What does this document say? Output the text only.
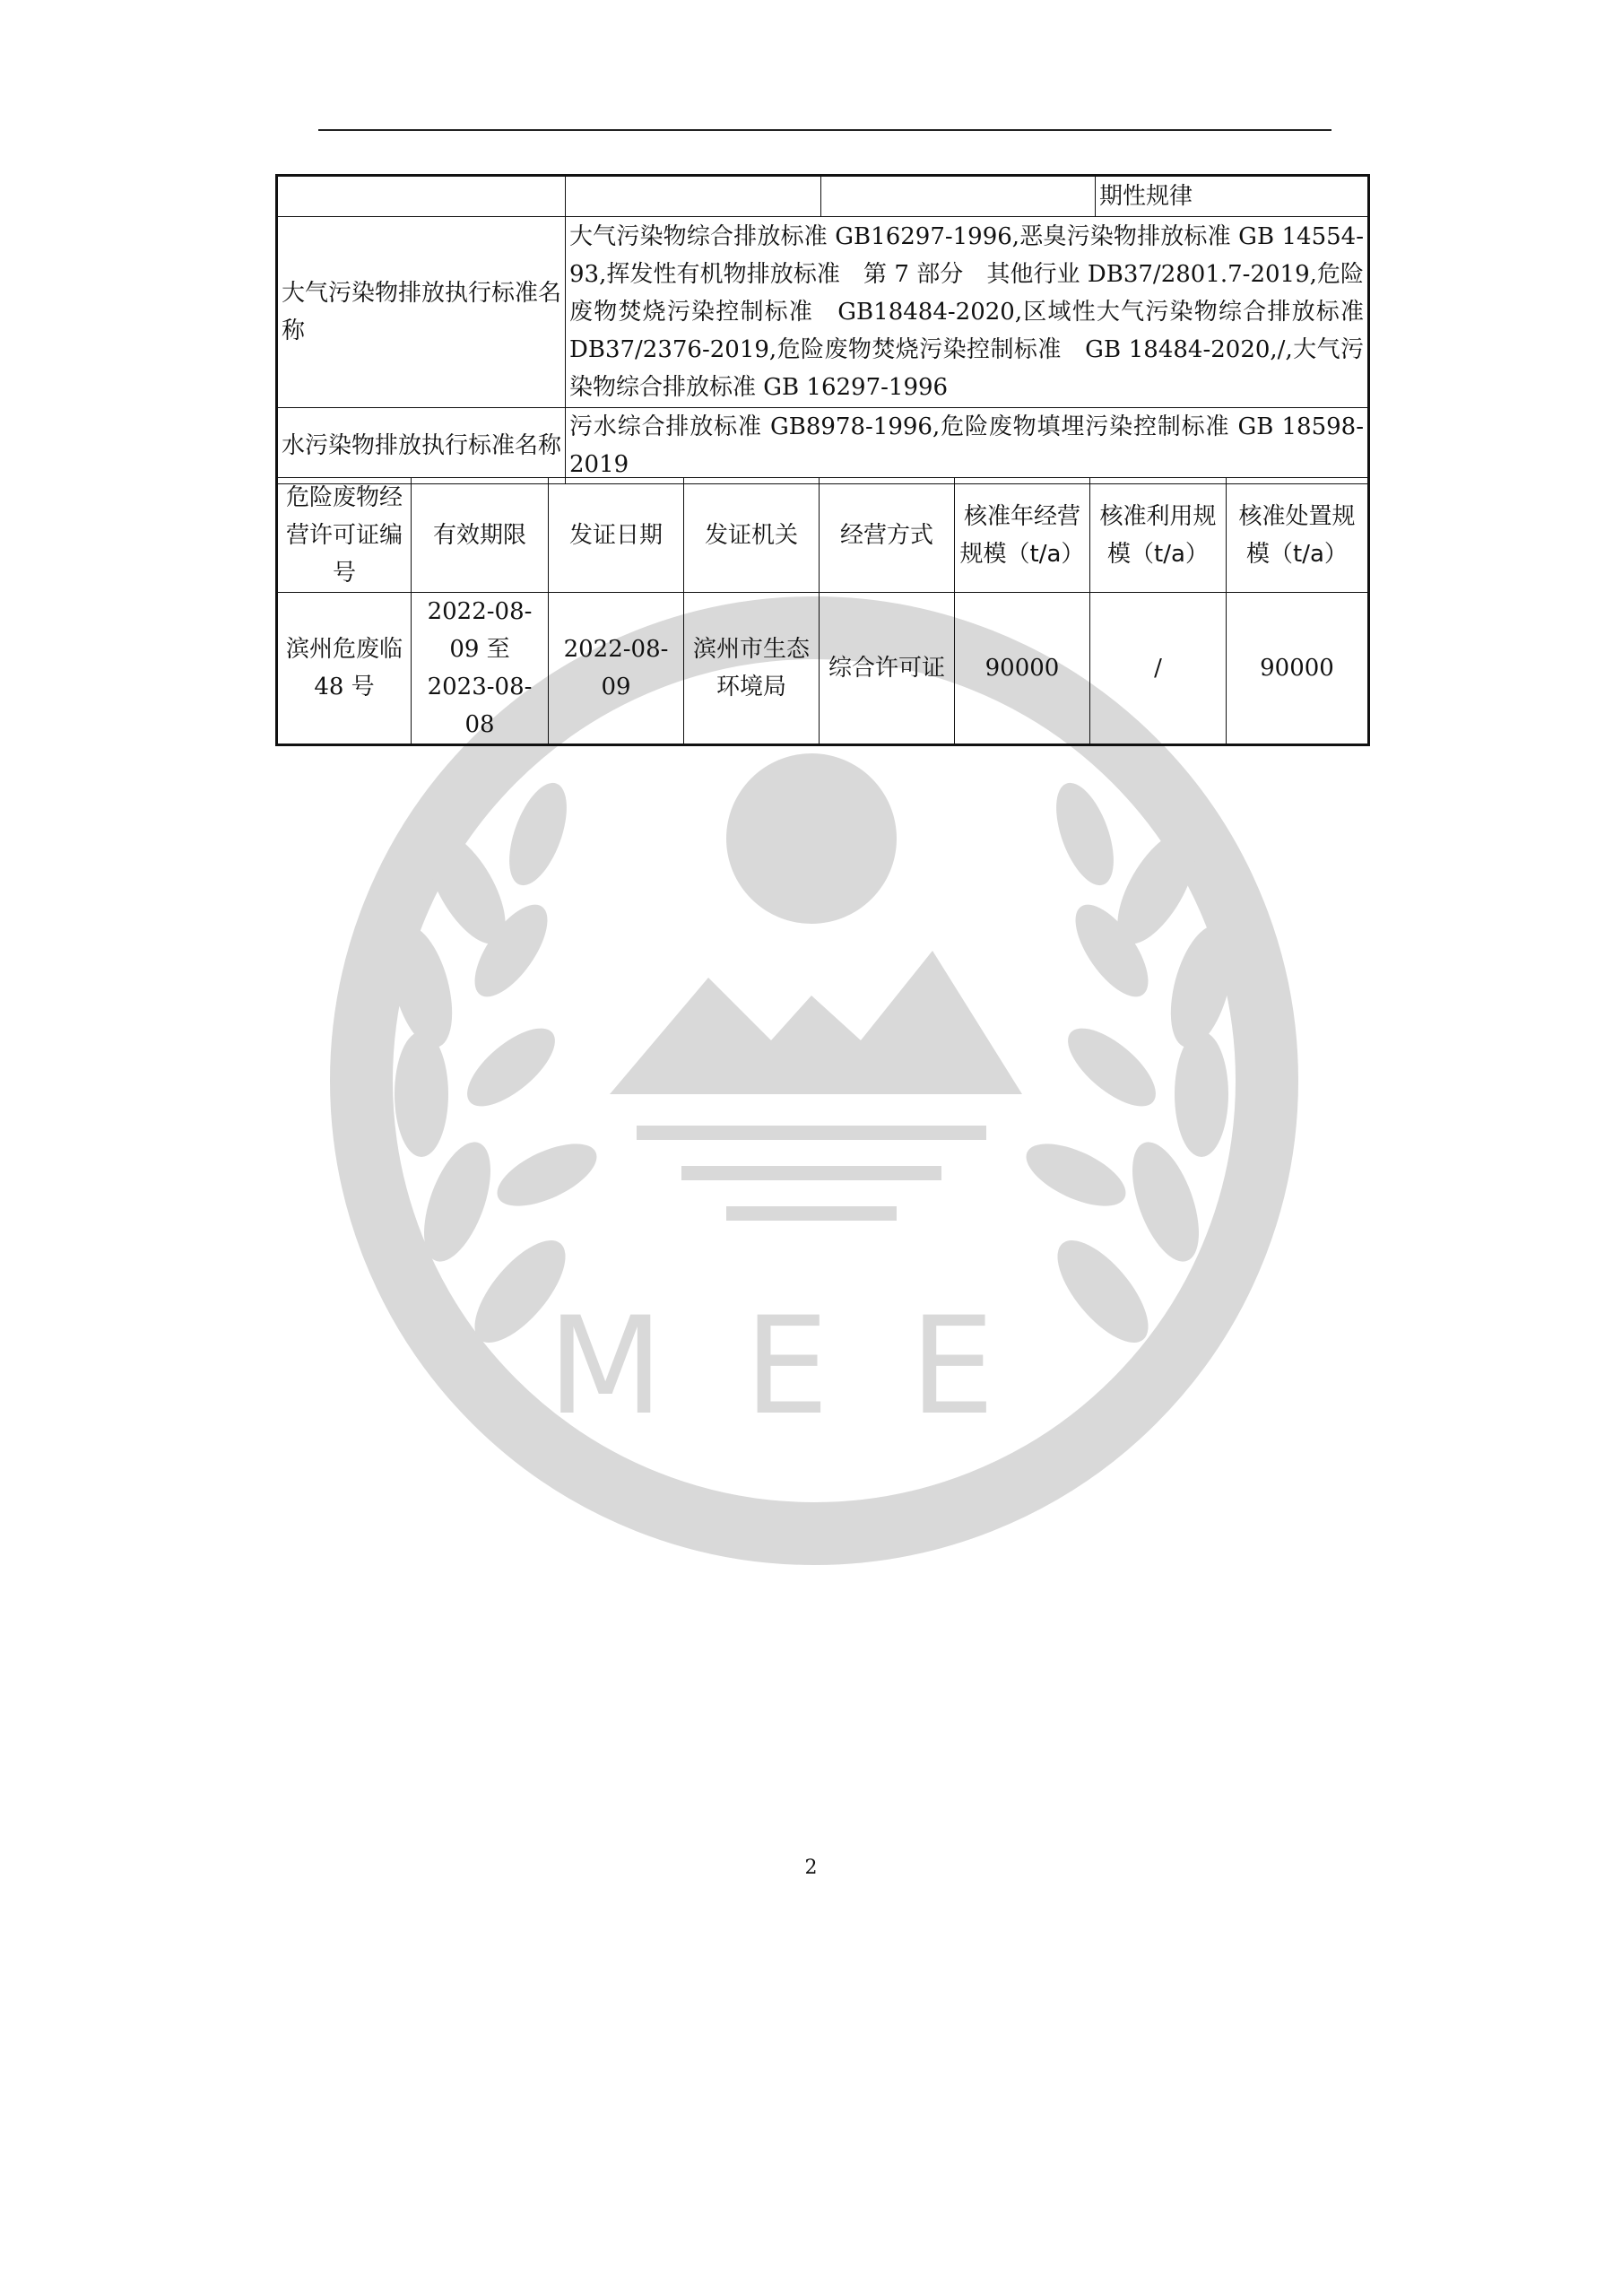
MEE
			期性规律
大气污染物排放执行标准名称	大气污染物综合排放标准 GB16297-1996,恶臭污染物排放标准 GB 14554-93,挥发性有机物排放标准　第 7 部分　其他行业 DB37/2801.7-2019,危险废物焚烧污染控制标准　GB18484-2020,区域性大气污染物综合排放标准 DB37/2376-2019,危险废物焚烧污染控制标准　GB 18484-2020,/,大气污染物综合排放标准 GB 16297-1996		
水污染物排放执行标准名称	污水综合排放标准 GB8978-1996,危险废物填埋污染控制标准 GB 18598-2019		
危险废物经营许可证编号	有效期限	发证日期	发证机关	经营方式	核准年经营规模（t/a）	核准利用规模（t/a）	核准处置规模（t/a）
滨州危废临 48 号	2022-08-09 至 2023-08-08	2022-08-09	滨州市生态环境局	综合许可证	90000	/	90000
2
